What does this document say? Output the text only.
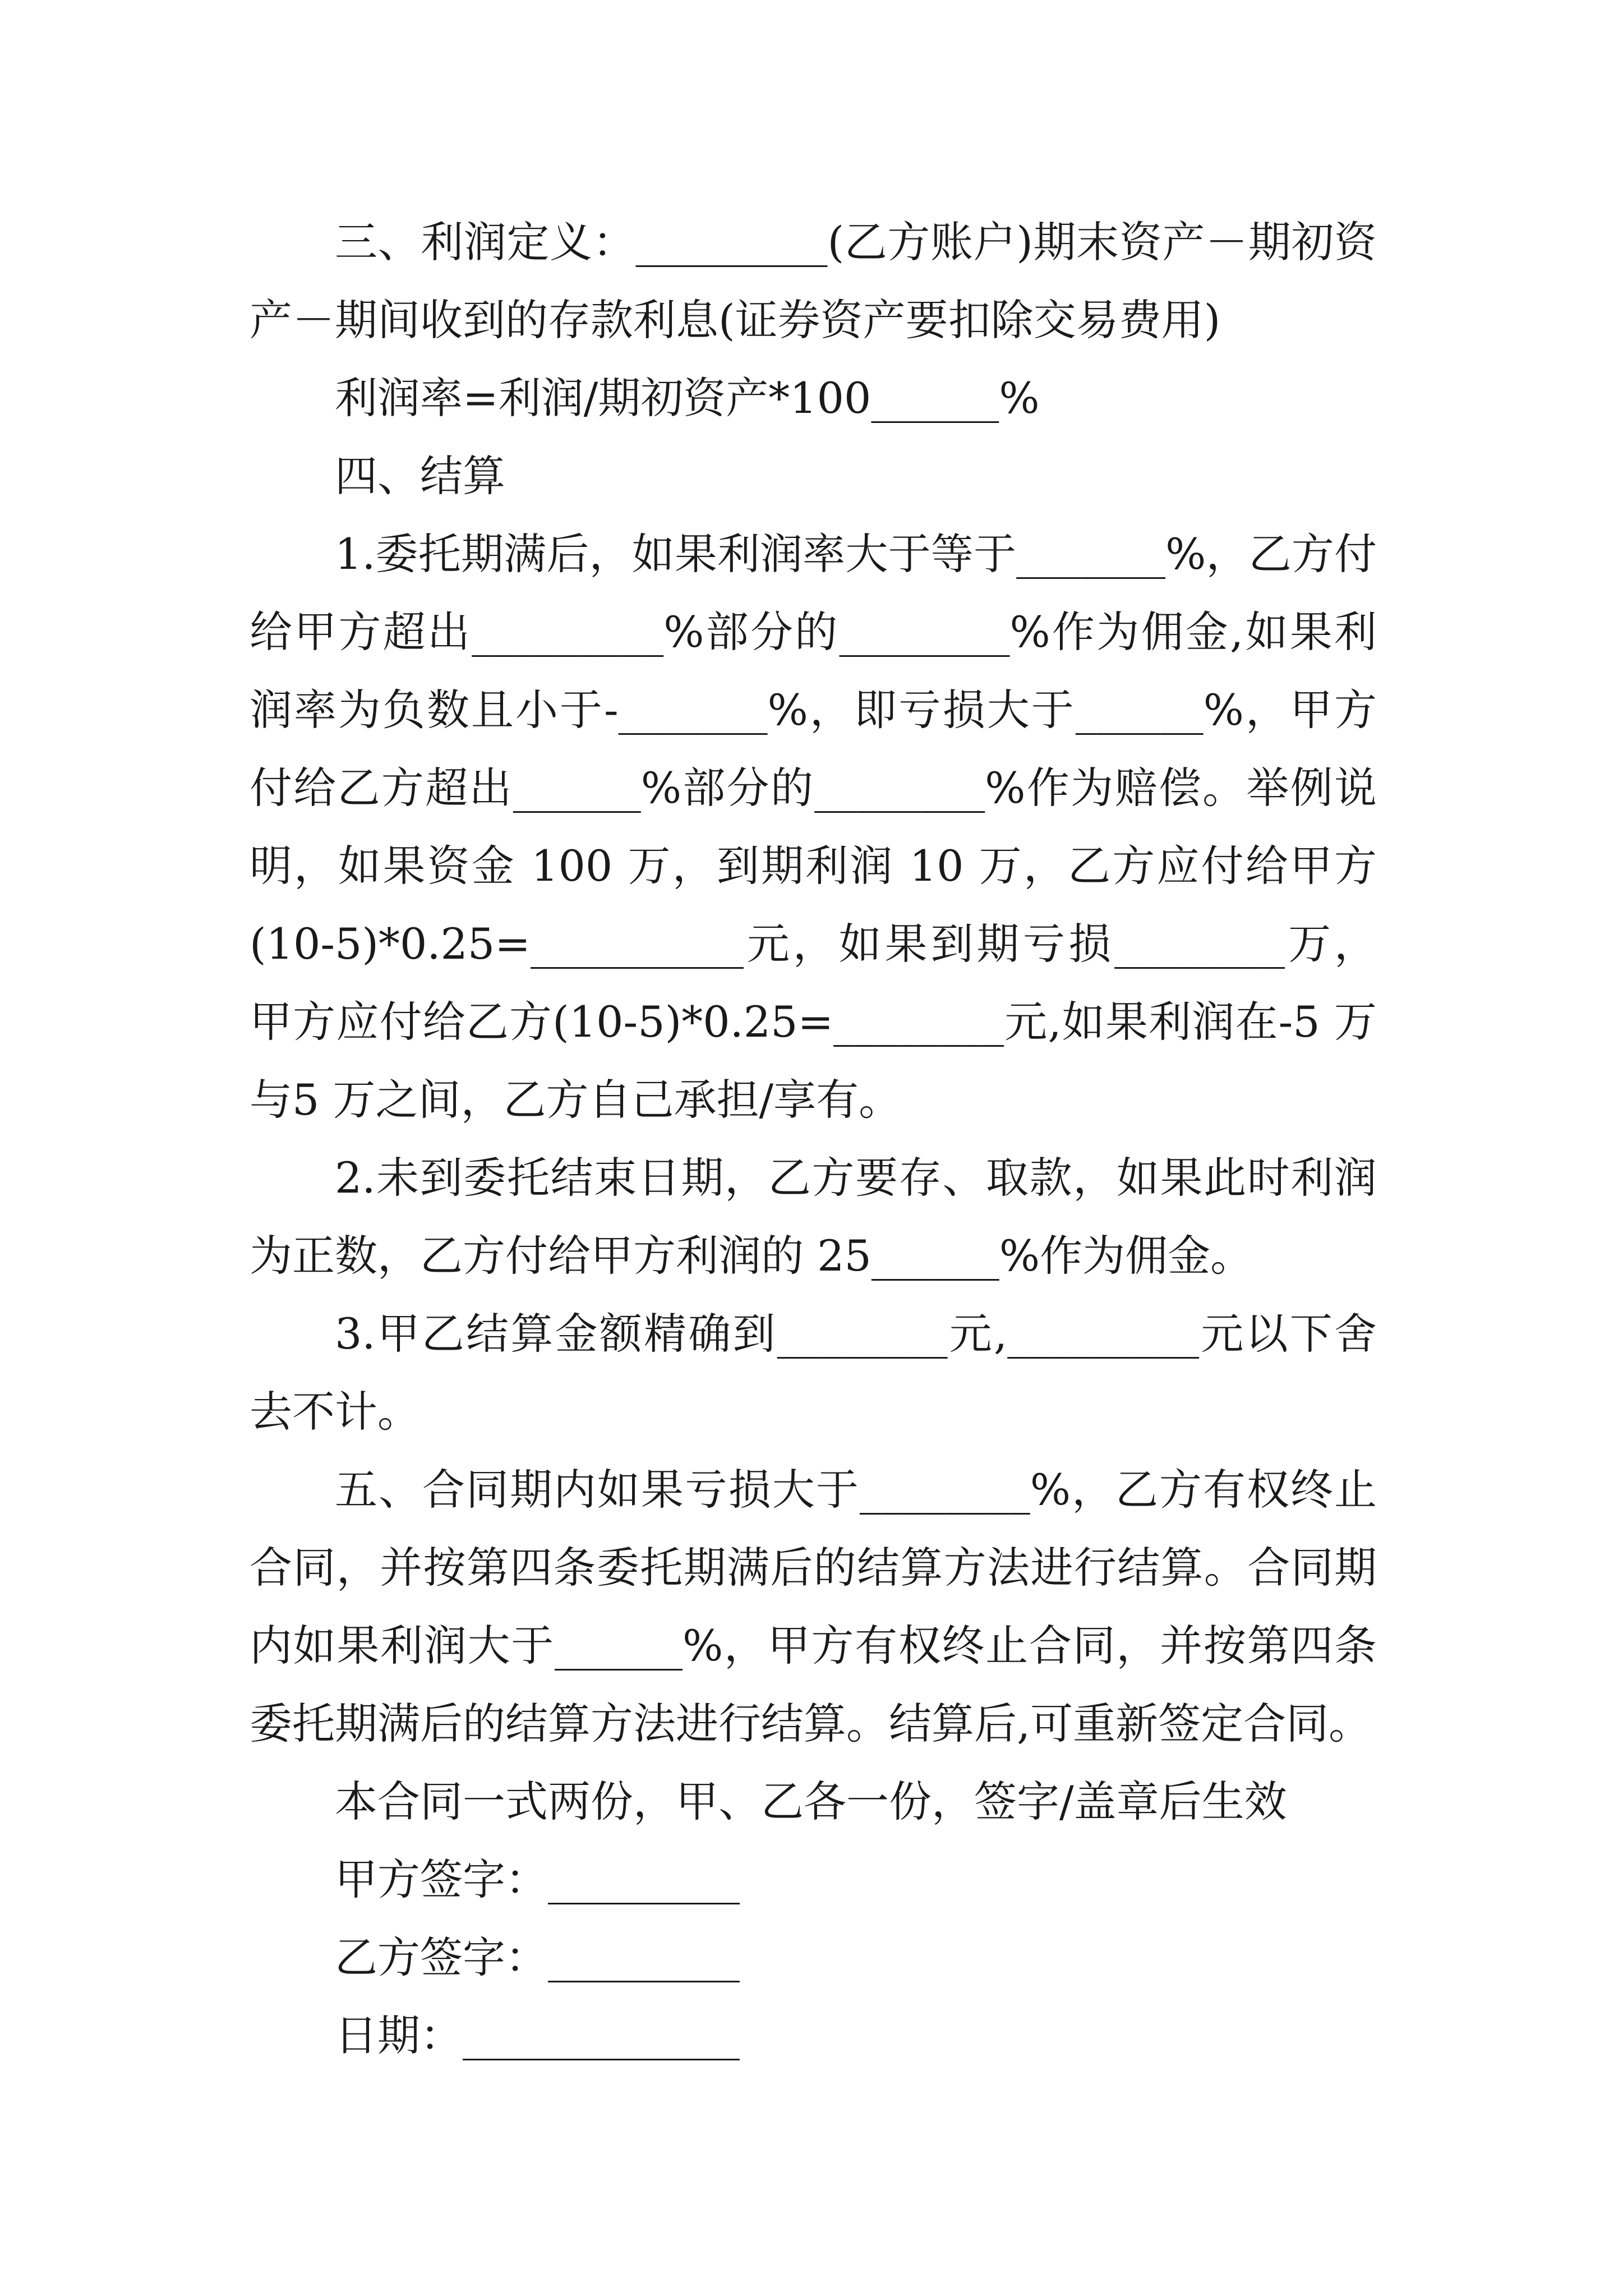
三、利润定义：_________(乙方账户)期末资产－期初资产－期间收到的存款利息(证券资产要扣除交易费用)

利润率=利润/期初资产*100______%

四、结算

1.委托期满后，如果利润率大于等于_______%，乙方付给甲方超出_________%部分的________%作为佣金,如果利润率为负数且小于-_______%，即亏损大于______%，甲方付给乙方超出______%部分的________%作为赔偿。举例说明，如果资金 100 万，到期利润 10 万，乙方应付给甲方(10-5)*0.25=__________元，如果到期亏损________万，甲方应付给乙方(10-5)*0.25=________元,如果利润在-5 万与5 万之间，乙方自己承担/享有。

2.未到委托结束日期，乙方要存、取款，如果此时利润为正数，乙方付给甲方利润的 25______%作为佣金。

3.甲乙结算金额精确到________元,_________元以下舍去不计。

五、合同期内如果亏损大于________%，乙方有权终止合同，并按第四条委托期满后的结算方法进行结算。合同期内如果利润大于______%，甲方有权终止合同，并按第四条委托期满后的结算方法进行结算。结算后,可重新签定合同。

本合同一式两份，甲、乙各一份，签字/盖章后生效

甲方签字：_________

乙方签字：_________

日期：_____________
